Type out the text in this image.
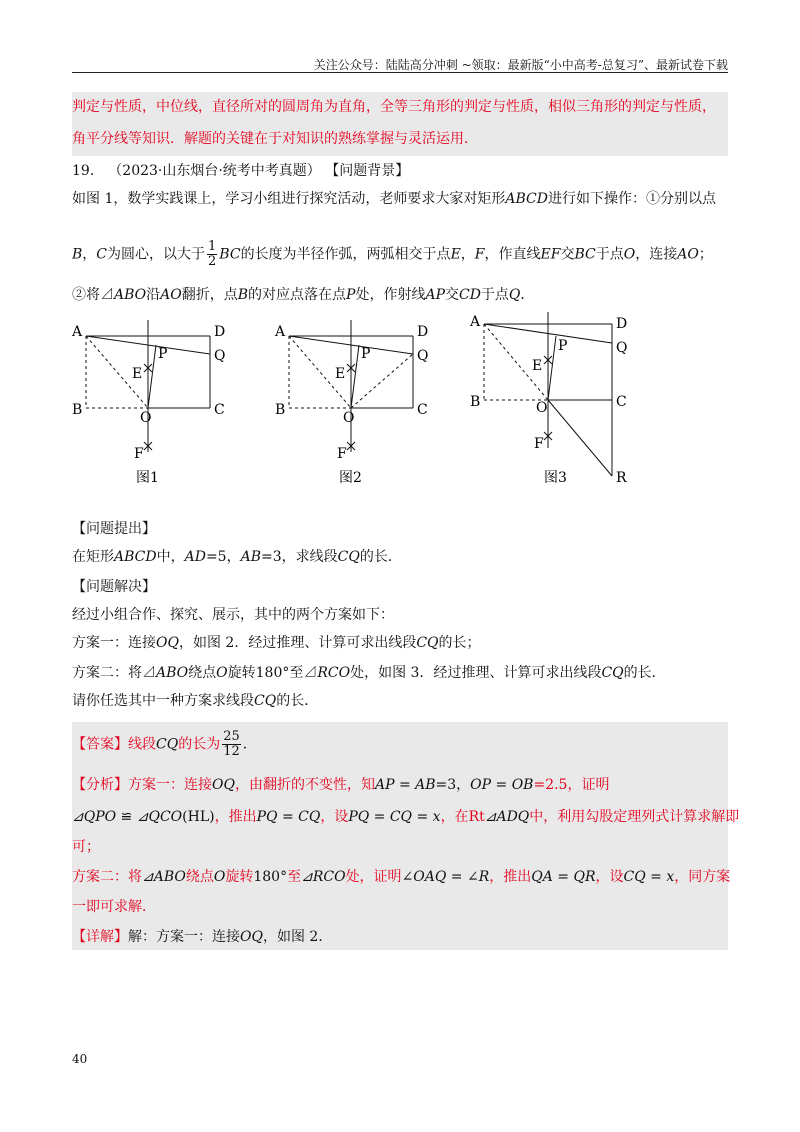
关注公众号：陆陆高分冲刺 ~领取：最新版“小中高考-总复习”、最新试卷下载
判定与性质，中位线，直径所对的圆周角为直角，全等三角形的判定与性质，相似三角形的判定与性质，
角平分线等知识．解题的关键在于对知识的熟练掌握与灵活运用．
19． （2023·山东烟台·统考中考真题） 【问题背景】
如图 1，数学实践课上，学习小组进行探究活动，老师要求大家对矩形ABCD进行如下操作：①分别以点
B，C为圆心，以大于 $\frac{1}{2}$ BC的长度为半径作弧，两弧相交于点E，F，作直线EF交BC于点O，连接AO；
②将⊿ABO沿AO翻折，点B的对应点落在点P处，作射线AP交CD于点Q．
A	D
Q
P
E
B	O	C
F
图1
A	D
Q
P
E
B	O	C
F
图2
A	D
Q
P
E
B	O	C
F
R
图3
【问题提出】
在矩形ABCD中，AD=5，AB=3，求线段CQ的长．
【问题解决】
经过小组合作、探究、展示，其中的两个方案如下：
方案一：连接OQ，如图 2．经过推理、计算可求出线段CQ的长；
方案二：将⊿ABO绕点O旋转180°至⊿RCO处，如图 3．经过推理、计算可求出线段CQ的长．
请你任选其中一种方案求线段CQ的长．
【答案】线段CQ的长为 $\frac{25}{12}$ ．
【分析】方案一：连接OQ，由翻折的不变性，知AP = AB=3，OP = OB=2.5，证明
⊿QPO ≌ ⊿QCO(HL)，推出PQ = CQ，设PQ = CQ = x，在Rt⊿ADQ中，利用勾股定理列式计算求解即
可；
方案二：将⊿ABO绕点O旋转180°至⊿RCO处，证明∠OAQ = ∠R，推出QA = QR，设CQ = x，同方案
一即可求解．
【详解】解：方案一：连接OQ，如图 2．
40
